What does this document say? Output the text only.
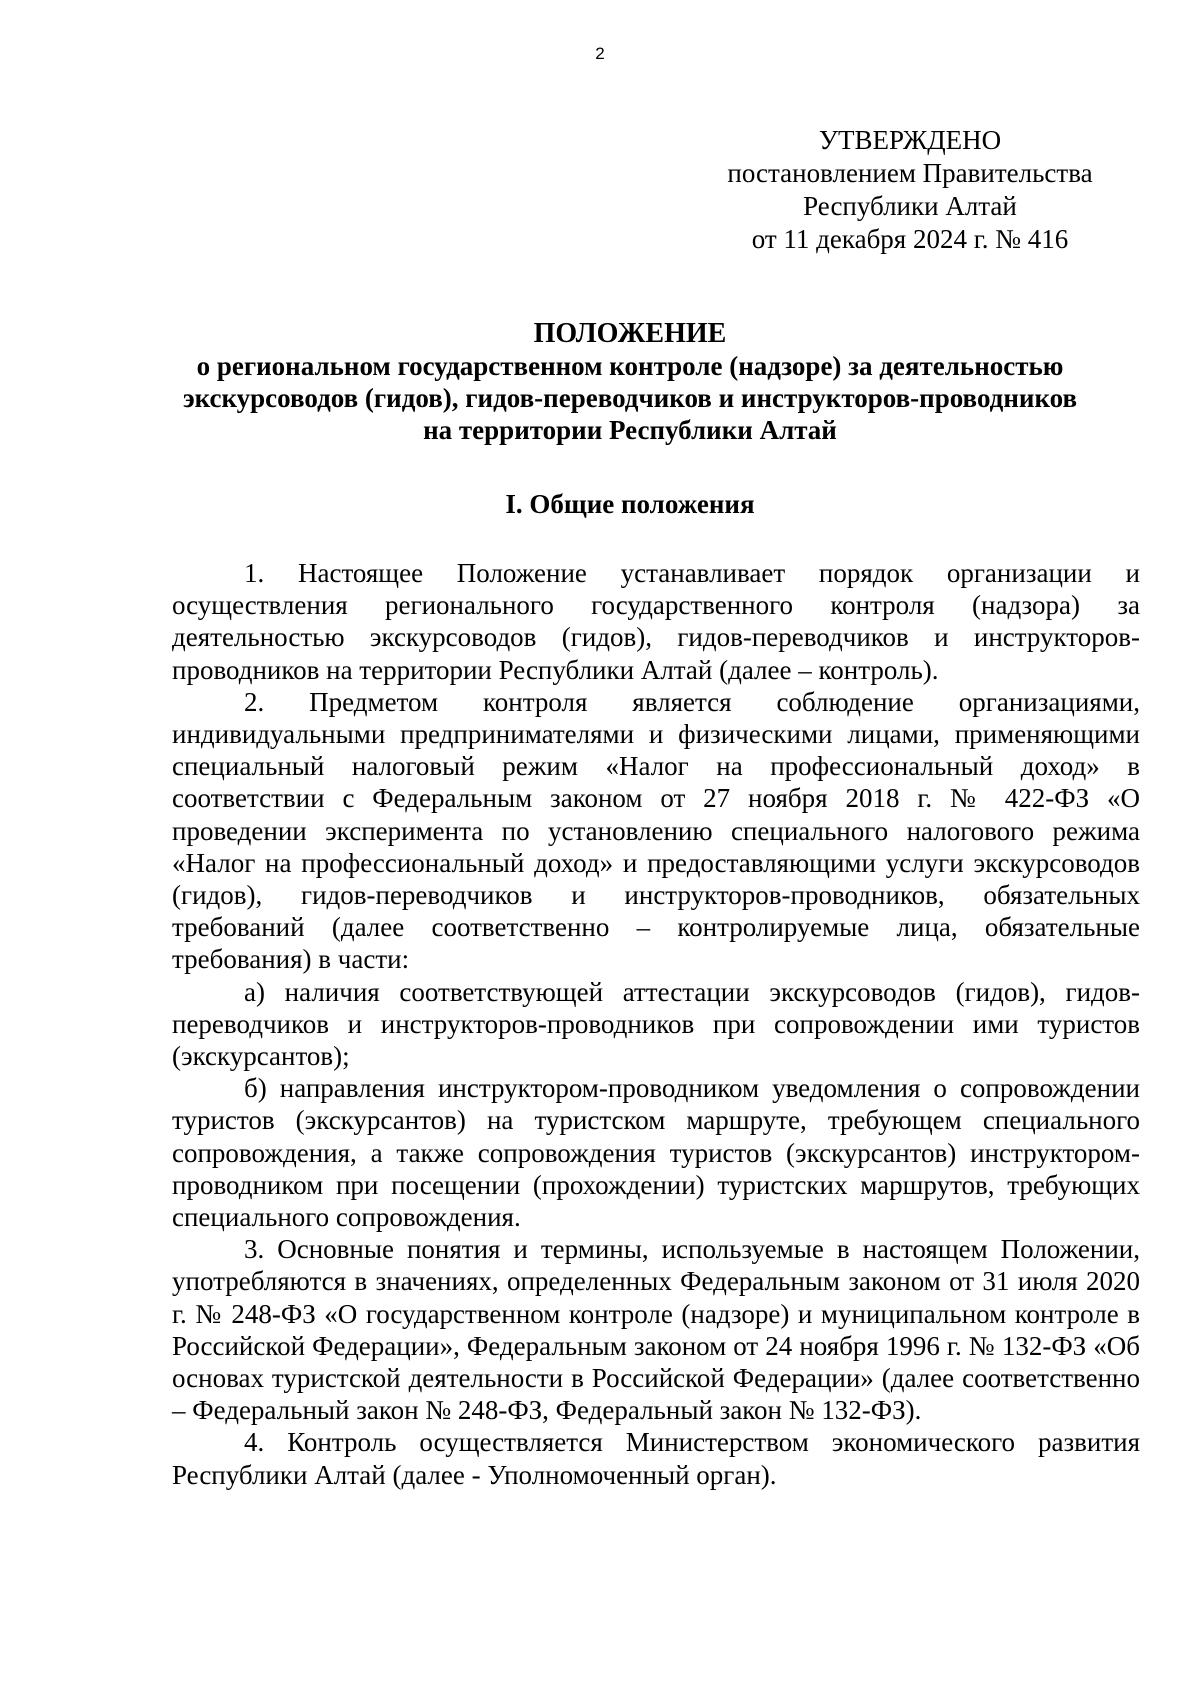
2
УТВЕРЖДЕНО
постановлением Правительства
Республики Алтай
от 11 декабря 2024 г. № 416
ПОЛОЖЕНИЕ
о региональном государственном контроле (надзоре) за деятельностью
экскурсоводов (гидов), гидов-переводчиков и инструкторов-проводников
на территории Республики Алтай
I. Общие положения

1. Настоящее Положение устанавливает порядок организации и осуществления регионального государственного контроля (надзора) за деятельностью экскурсоводов (гидов), гидов-переводчиков и инструкторов-проводников на территории Республики Алтай (далее – контроль).

2. Предметом контроля является соблюдение организациями, индивидуальными предпринимателями и физическими лицами, применяющими специальный налоговый режим «Налог на профессиональный доход» в соответствии с Федеральным законом от 27 ноября 2018 г. № 422-ФЗ «О проведении эксперимента по установлению специального налогового режима «Налог на профессиональный доход» и предоставляющими услуги экскурсоводов (гидов), гидов-переводчиков и инструкторов-проводников, обязательных требований (далее соответственно – контролируемые лица, обязательные требования) в части:

а) наличия соответствующей аттестации экскурсоводов (гидов), гидов-переводчиков и инструкторов-проводников при сопровождении ими туристов (экскурсантов);

б) направления инструктором-проводником уведомления о сопровождении туристов (экскурсантов) на туристском маршруте, требующем специального сопровождения, а также сопровождения туристов (экскурсантов) инструктором-проводником при посещении (прохождении) туристских маршрутов, требующих специального сопровождения.

3. Основные понятия и термины, используемые в настоящем Положении, употребляются в значениях, определенных Федеральным законом от 31 июля 2020 г. № 248-ФЗ «О государственном контроле (надзоре) и муниципальном контроле в Российской Федерации», Федеральным законом от 24 ноября 1996 г. № 132-ФЗ «Об основах туристской деятельности в Российской Федерации» (далее соответственно – Федеральный закон № 248-ФЗ, Федеральный закон № 132-ФЗ).

4. Контроль осуществляется Министерством экономического развития Республики Алтай (далее - Уполномоченный орган).
